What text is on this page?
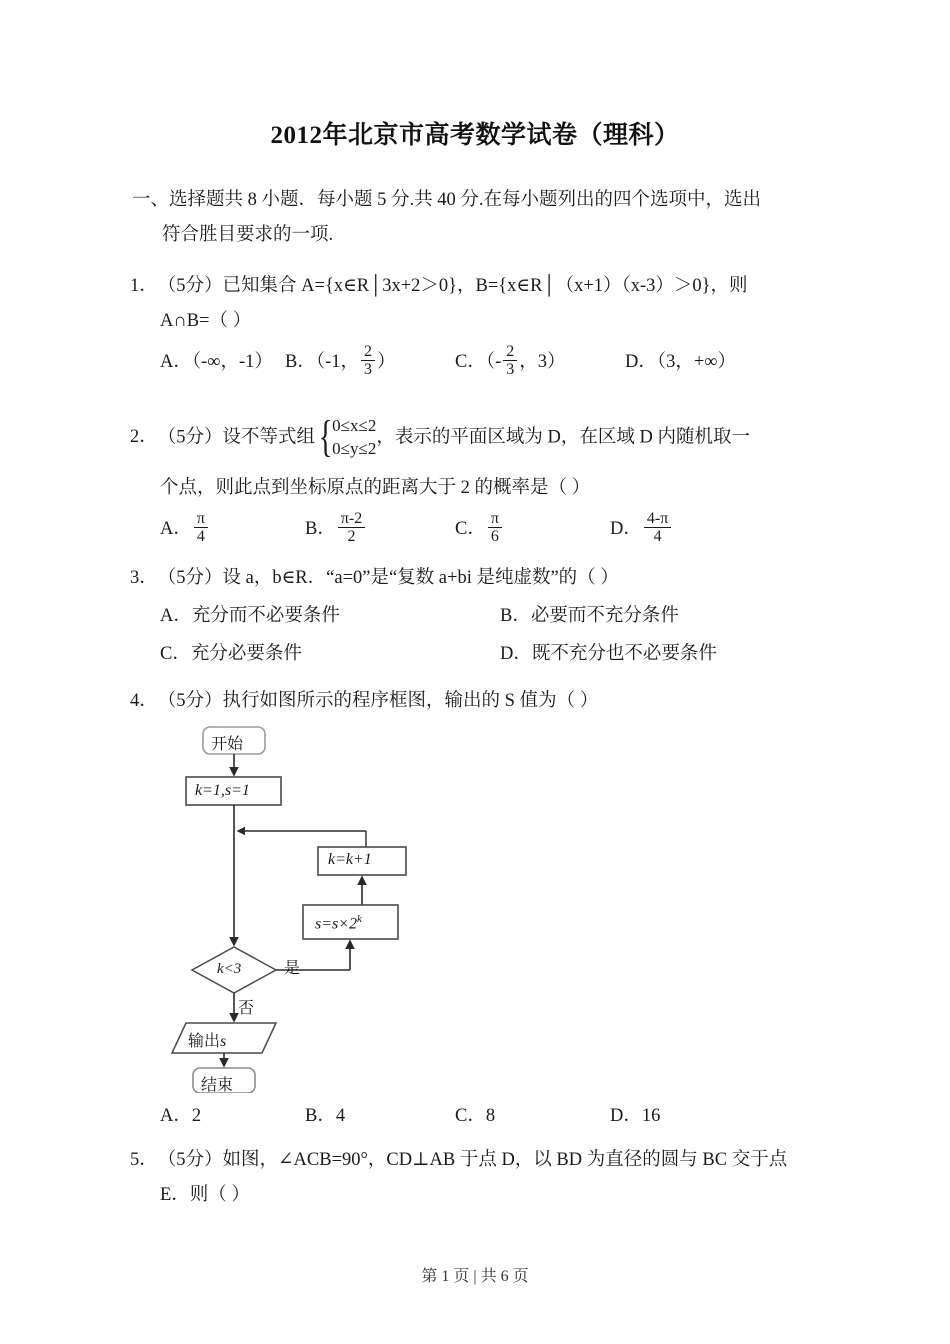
2012年北京市高考数学试卷（理科）
一、选择题共 8 小题．每小题 5 分.共 40 分.在每小题列出的四个选项中，选出
符合胜目要求的一项.
1．（5分）已知集合 A={x∈R│3x+2＞0}，B={x∈R│（x+1）（x‑3）＞0}，则
A∩B=（ ）
A．（‑∞，‑1） B．（‑1， $\frac{2}{3}$ ）	C．（‑ $\frac{2}{3}$ ，3）	D．（3，+∞）
2．（5分）设不等式组 { 0≤x≤2
0≤y≤2
，表示的平面区域为 D，在区域 D 内随机取一
个点，则此点到坐标原点的距离大于 2 的概率是（ ）
A． $\frac{\pi}{4}$	B． $\frac{\pi‑2}{2}$	C． $\frac{\pi}{6}$	D． $\frac{4‑\pi}{4}$
3．（5分）设 a，b∈R．“a=0”是“复数 a+bi 是纯虚数”的（ ）
A．充分而不必要条件	B．必要而不充分条件
C．充分必要条件	D．既不充分也不必要条件
4．（5分）执行如图所示的程序框图，输出的 S 值为（ ）
开始
k=1,s=1
k=k+1
$s=s\times 2^k$
k<3	是
否
输出s
结束
A．2	B．4	C．8	D．16
5．（5分）如图，∠ACB=90°，CD⊥AB 于点 D，以 BD 为直径的圆与 BC 交于点
E．则（ ）
第 1 页 | 共 6 页
